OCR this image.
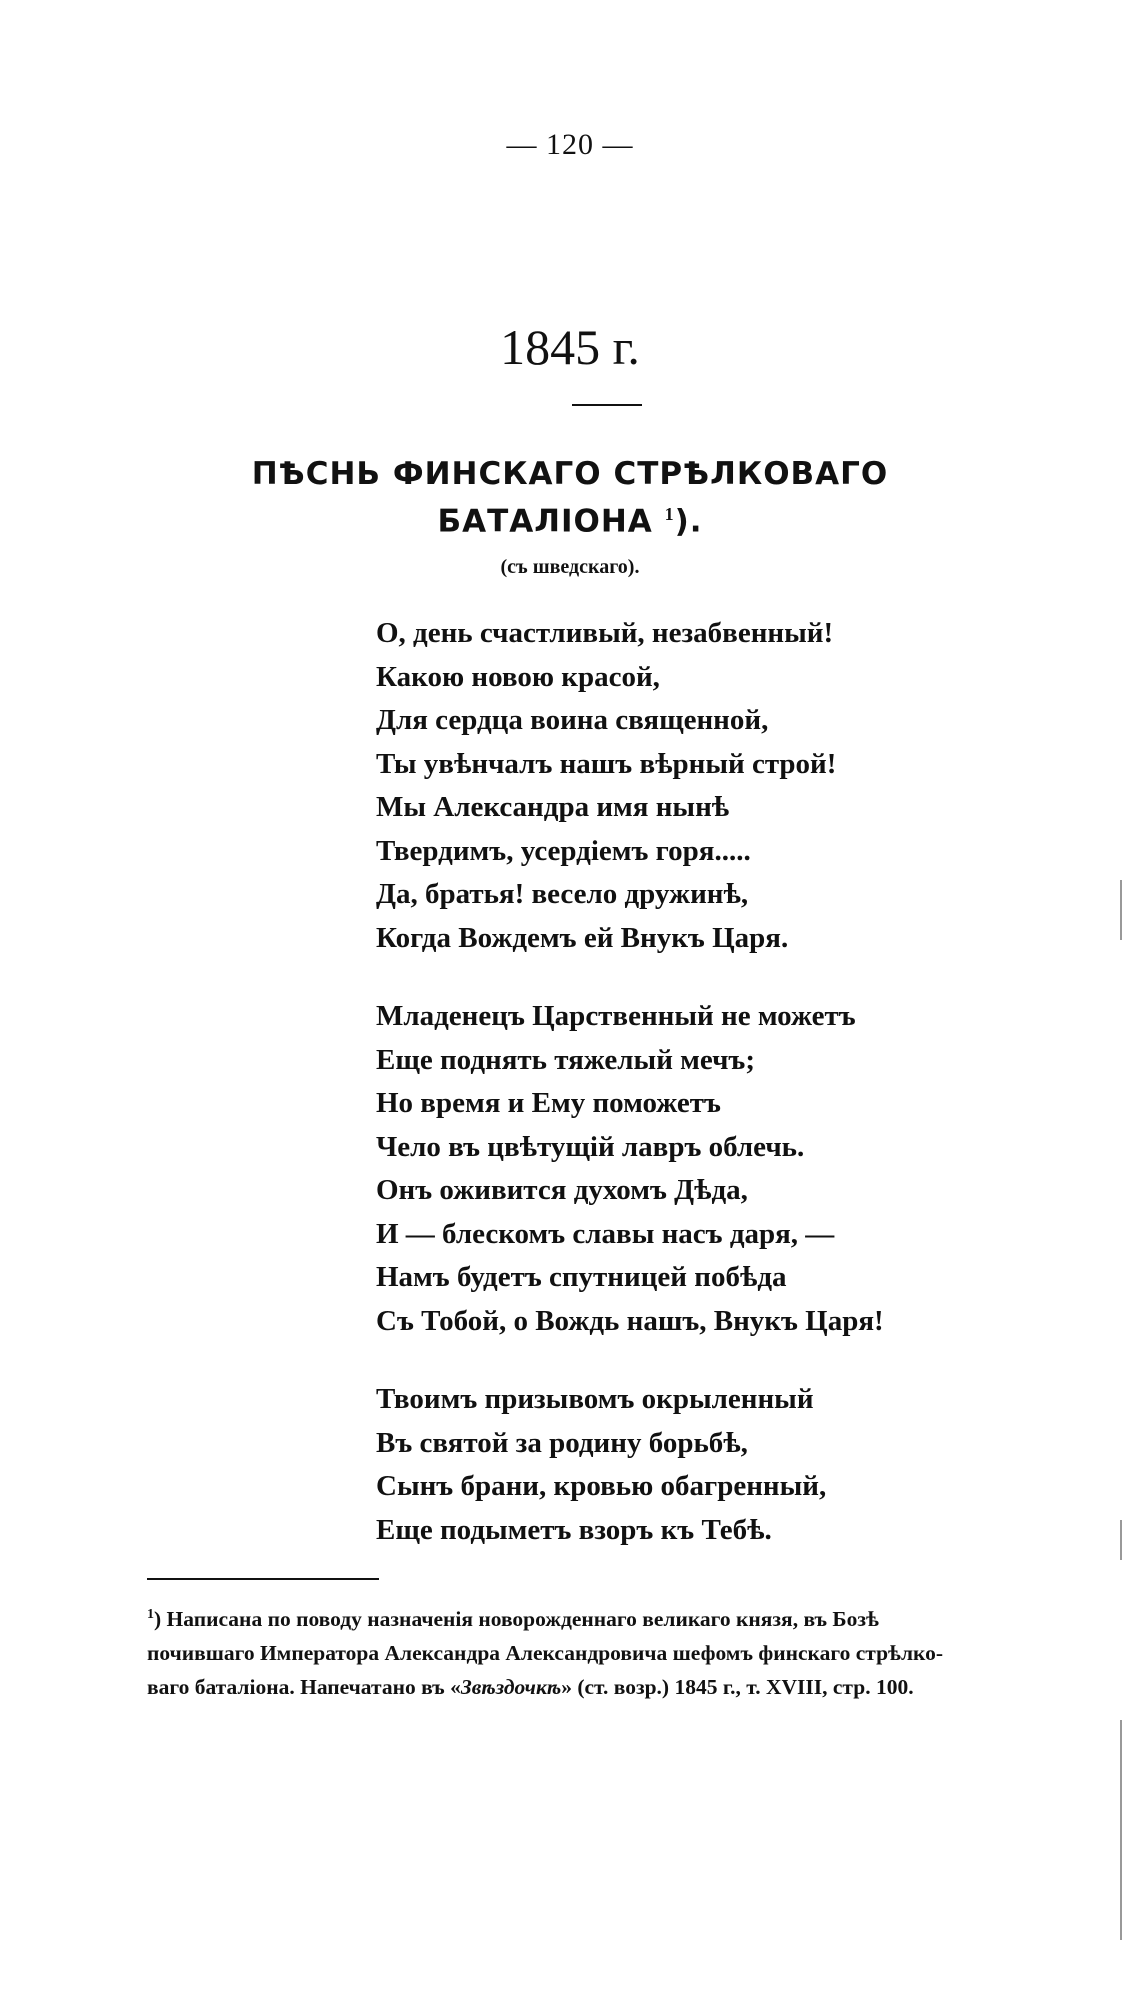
— 120 —
1845 г.
ПѢСНЬ ФИНСКАГО СТРѢЛКОВАГО
БАТАЛІОНА $^1$).
(съ шведскаго).
О, день счастливый, незабвенный!
Какою новою красой,
Для сердца воина священной,
Ты увѣнчалъ нашъ вѣрный строй!
Мы Александра имя нынѣ
Твердимъ, усердіемъ горя.....
Да, братья! весело дружинѣ,
Когда Вождемъ ей Внукъ Царя.
Младенецъ Царственный не можетъ
Еще поднять тяжелый мечъ;
Но время и Ему поможетъ
Чело въ цвѣтущій лавръ облечь.
Онъ оживится духомъ Дѣда,
И — блескомъ славы насъ даря, —
Намъ будетъ спутницей побѣда
Съ Тобой, о Вождь нашъ, Внукъ Царя!
Твоимъ призывомъ окрыленный
Въ святой за родину борьбѣ,
Сынъ брани, кровью обагренный,
Еще подыметъ взоръ къ Тебѣ.
$^1$) Написана по поводу назначенія новорожденнаго великаго князя, въ Бозѣ
почившаго Императора Александра Александровича шефомъ финскаго стрѣлко-
ваго баталіона. Напечатано въ «Звѣздочкѣ» (ст. возр.) 1845 г., т. XVIII, стр. 100.
